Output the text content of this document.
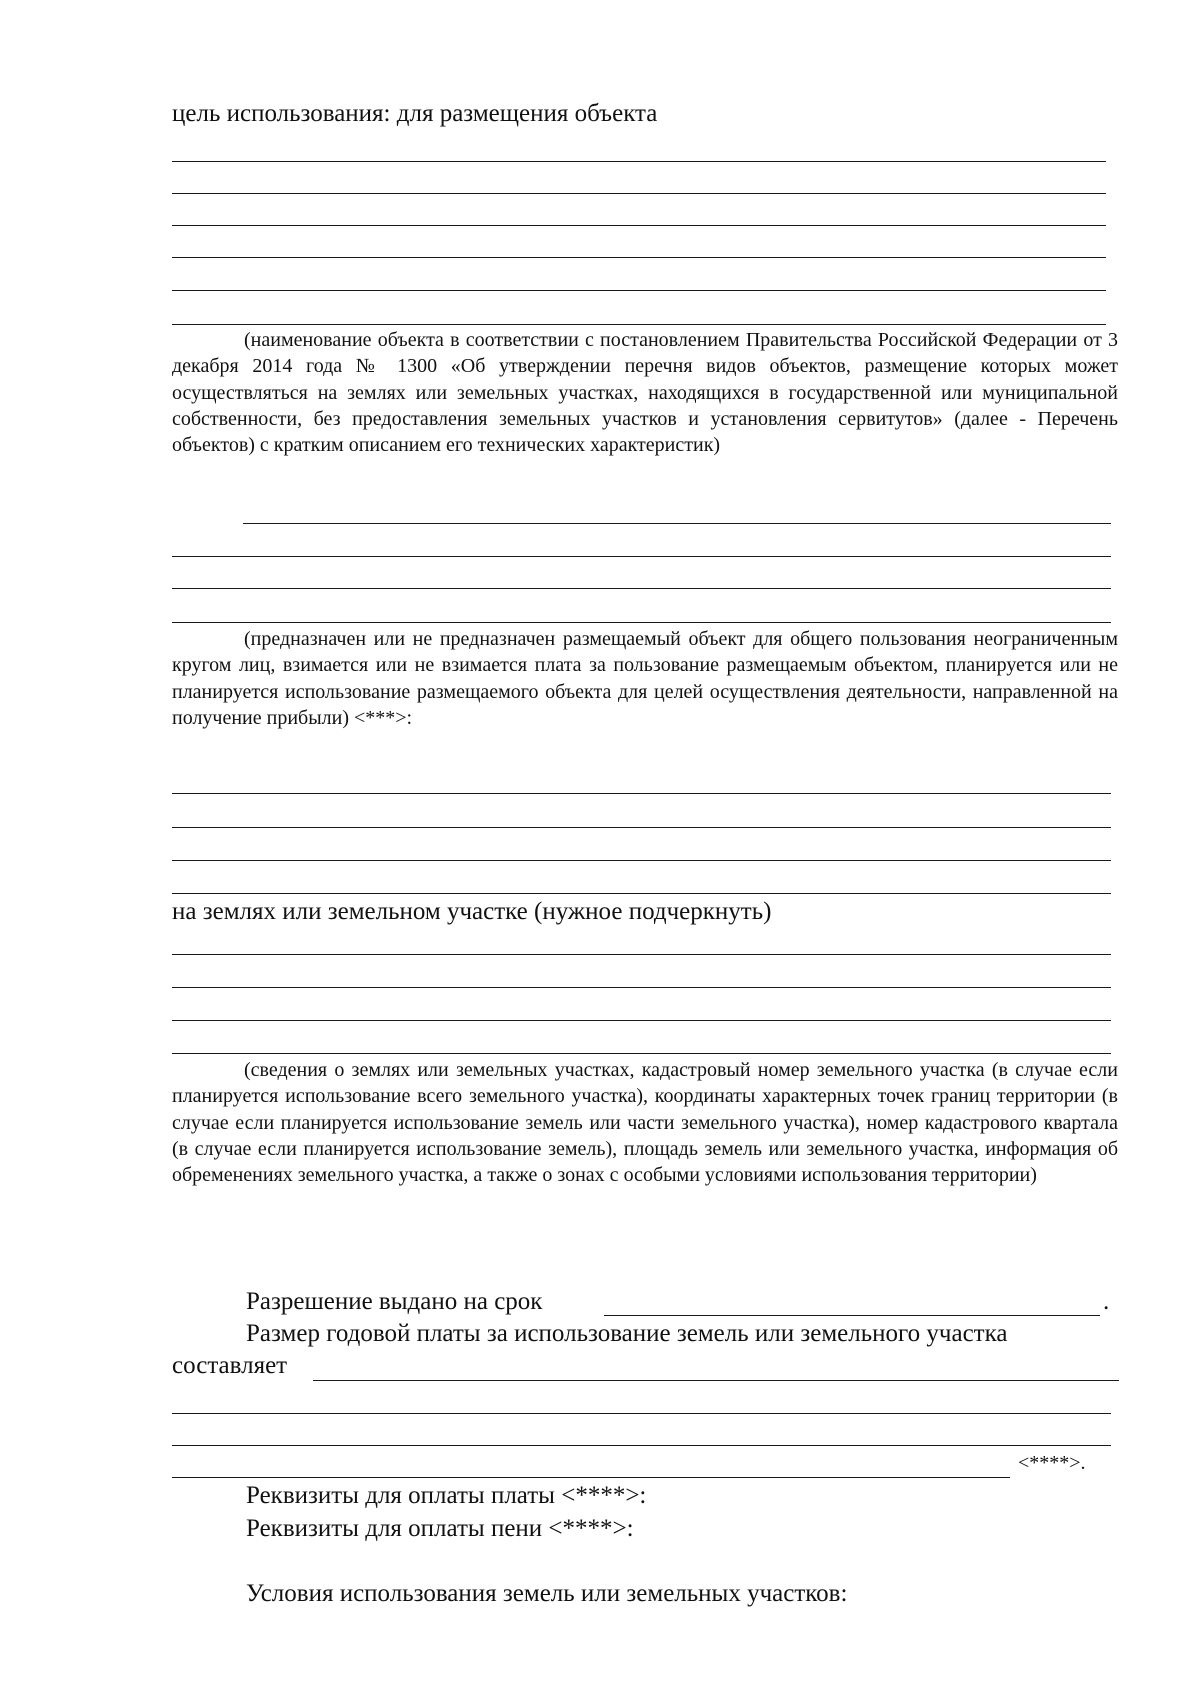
цель использования: для размещения объекта
(наименование объекта в соответствии с постановлением Правительства Российской Федерации от 3 декабря 2014 года № 1300 «Об утверждении перечня видов объектов, размещение которых может осуществляться на землях или земельных участках, находящихся в государственной или муниципальной собственности, без предоставления земельных участков и установления сервитутов» (далее - Перечень объектов) с кратким описанием его технических характеристик)
(предназначен или не предназначен размещаемый объект для общего пользования неограниченным кругом лиц, взимается или не взимается плата за пользование размещаемым объектом, планируется или не планируется использование размещаемого объекта для целей осуществления деятельности, направленной на получение прибыли) <***>:
на землях или земельном участке (нужное подчеркнуть)
(сведения о землях или земельных участках, кадастровый номер земельного участка (в случае если планируется использование всего земельного участка), координаты характерных точек границ территории (в случае если планируется использование земель или части земельного участка), номер кадастрового квартала (в случае если планируется использование земель), площадь земель или земельного участка, информация об обременениях земельного участка, а также о зонах с особыми условиями использования территории)
Разрешение выдано на срок	.
Размер годовой платы за использование земель или земельного участка
составляет
<****>.
Реквизиты для оплаты платы <****>:
Реквизиты для оплаты пени <****>:
Условия использования земель или земельных участков:
